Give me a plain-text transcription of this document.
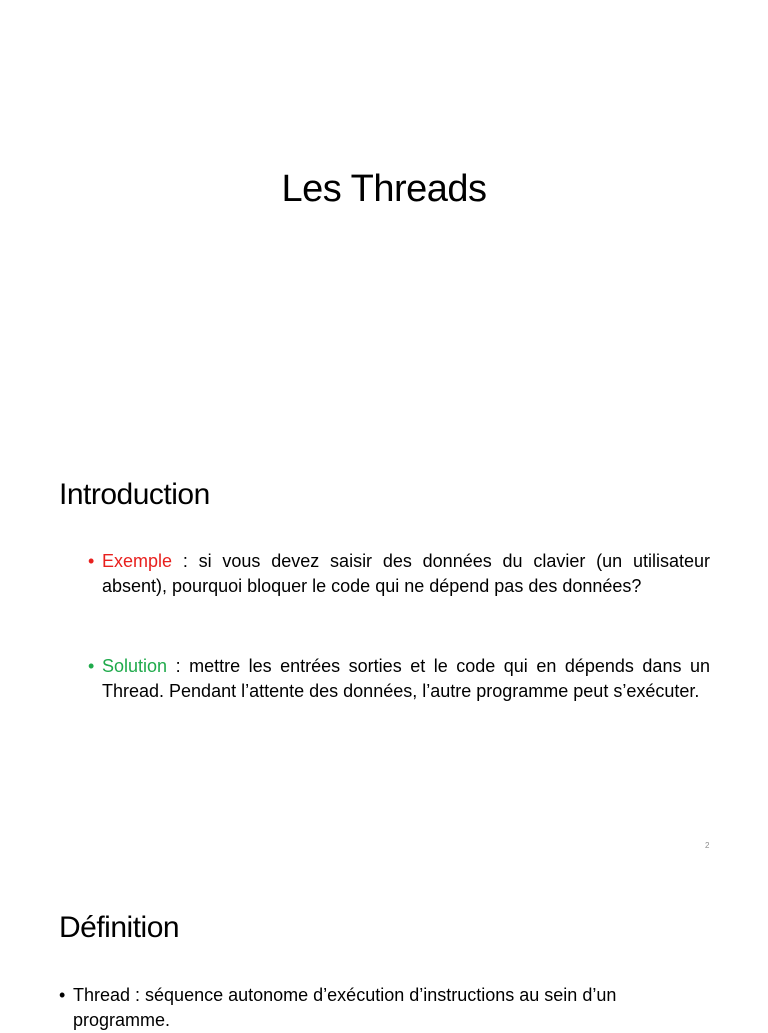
Les Threads
Introduction

• Exemple : si vous devez saisir des données du clavier (un utilisateur absent), pourquoi bloquer le code qui ne dépend pas des données?

• Solution : mettre les entrées sorties et le code qui en dépends dans un Thread. Pendant l’attente des données, l’autre programme peut s’exécuter.

2
Définition

• Thread : séquence autonome d’exécution d’instructions au sein d’un programme.
